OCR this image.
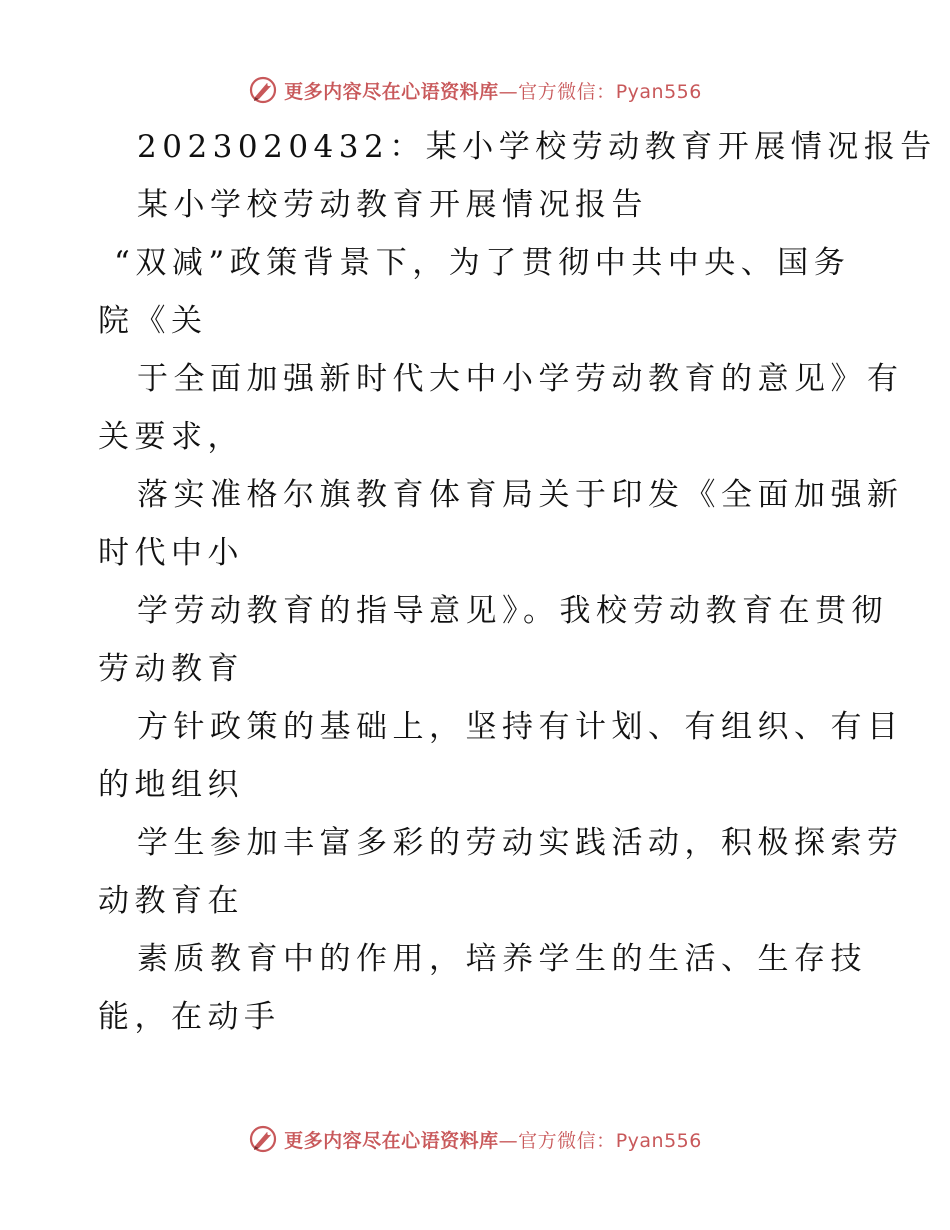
更多内容尽在心语资料库—官方微信：Pyan556
2023020432：某小学校劳动教育开展情况报告
某小学校劳动教育开展情况报告
“双减”政策背景下，为了贯彻中共中央、国务
院《关
于全面加强新时代大中小学劳动教育的意见》有
关要求，
落实准格尔旗教育体育局关于印发《全面加强新
时代中小
学劳动教育的指导意见》。我校劳动教育在贯彻
劳动教育
方针政策的基础上，坚持有计划、有组织、有目
的地组织
学生参加丰富多彩的劳动实践活动，积极探索劳
动教育在
素质教育中的作用，培养学生的生活、生存技
能，在动手
更多内容尽在心语资料库—官方微信：Pyan556
